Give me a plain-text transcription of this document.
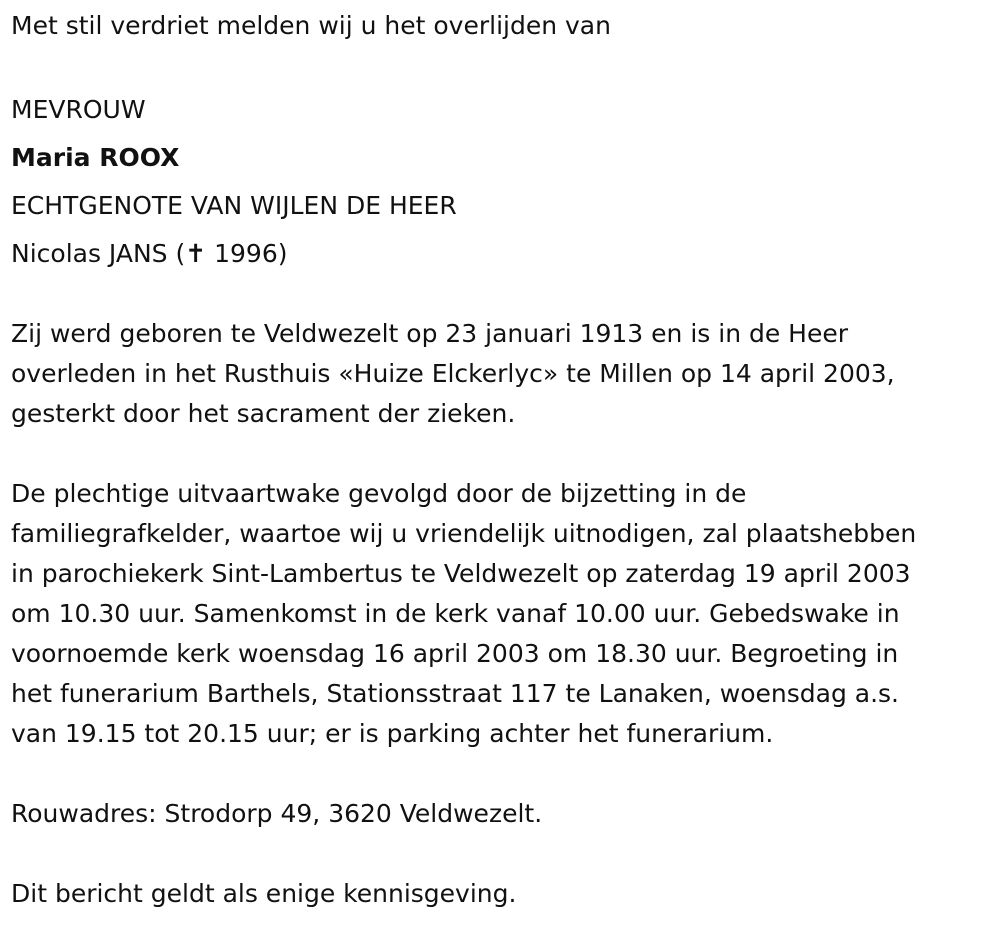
Met stil verdriet melden wij u het overlijden van
MEVROUW
Maria ROOX
ECHTGENOTE VAN WIJLEN DE HEER
Nicolas JANS (✝ 1996)
Zij werd geboren te Veldwezelt op 23 januari 1913 en is in de Heer
overleden in het Rusthuis «Huize Elckerlyc» te Millen op 14 april 2003,
gesterkt door het sacrament der zieken.
De plechtige uitvaartwake gevolgd door de bijzetting in de
familiegrafkelder, waartoe wij u vriendelijk uitnodigen, zal plaatshebben
in parochiekerk Sint-Lambertus te Veldwezelt op zaterdag 19 april 2003
om 10.30 uur. Samenkomst in de kerk vanaf 10.00 uur. Gebedswake in
voornoemde kerk woensdag 16 april 2003 om 18.30 uur. Begroeting in
het funerarium Barthels, Stationsstraat 117 te Lanaken, woensdag a.s.
van 19.15 tot 20.15 uur; er is parking achter het funerarium.
Rouwadres: Strodorp 49, 3620 Veldwezelt.
Dit bericht geldt als enige kennisgeving.
